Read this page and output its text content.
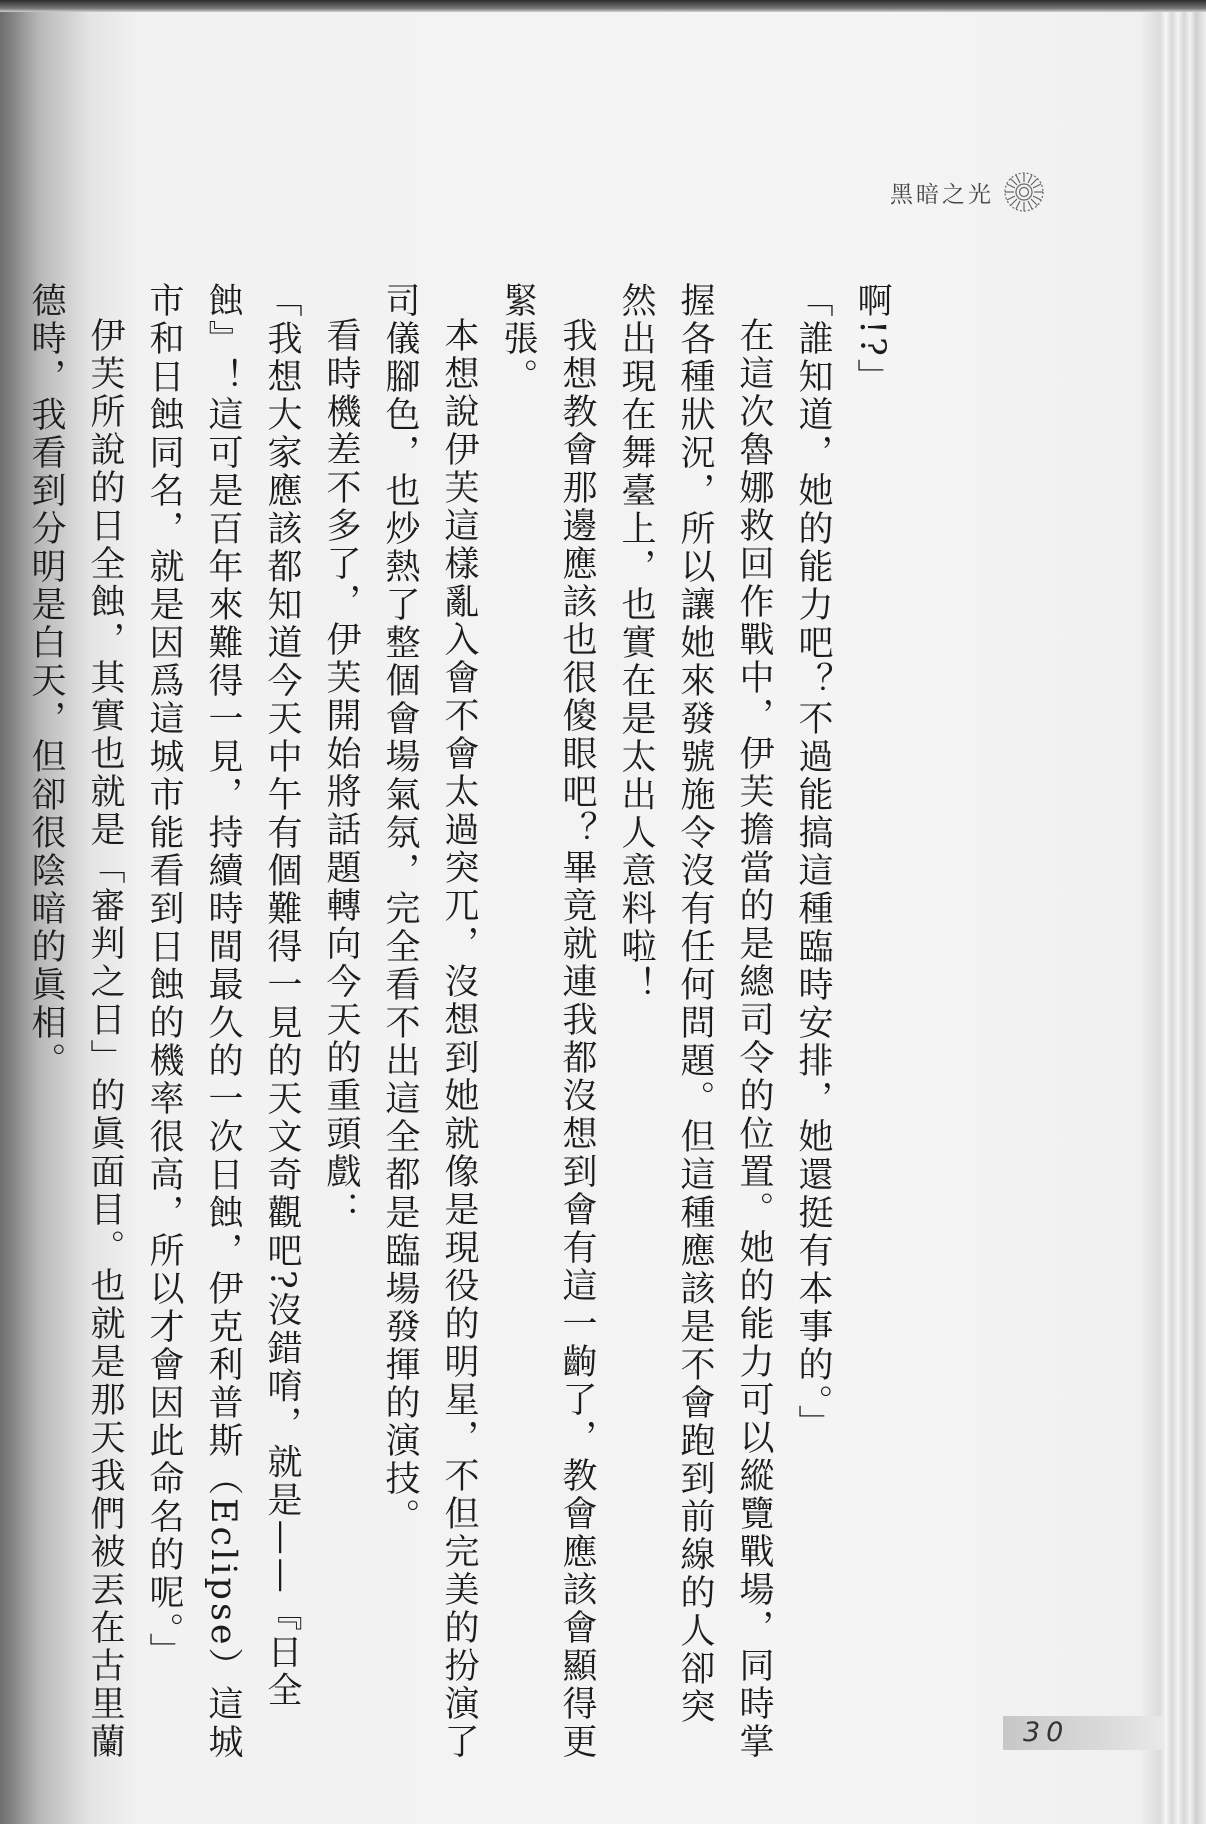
黑暗之光

啊!?」

「誰知道，她的能力吧？不過能搞這種臨時安排，她還挺有本事的。」

在這次魯娜救回作戰中，伊芙擔當的是總司令的位置。她的能力可以縱覽戰場，同時掌握各種狀況，所以讓她來發號施令沒有任何問題。但這種應該是不會跑到前線的人卻突然出現在舞臺上，也實在是太出人意料啦！

我想教會那邊應該也很傻眼吧？畢竟就連我都沒想到會有這一齣了，教會應該會顯得更緊張。

本想說伊芙這樣亂入會不會太過突兀，沒想到她就像是現役的明星，不但完美的扮演了司儀腳色，也炒熱了整個會場氣氛，完全看不出這全都是臨場發揮的演技。

看時機差不多了，伊芙開始將話題轉向今天的重頭戲：

「我想大家應該都知道今天中午有個難得一見的天文奇觀吧?沒錯唷，就是——『日全蝕』！這可是百年來難得一見，持續時間最久的一次日蝕，伊克利普斯（Eclipse）這城市和日蝕同名，就是因爲這城市能看到日蝕的機率很高，所以才會因此命名的呢。」

伊芙所說的日全蝕，其實也就是「審判之日」的眞面目。也就是那天我們被丟在古里蘭德時，我看到分明是白天，但卻很陰暗的眞相。

30
